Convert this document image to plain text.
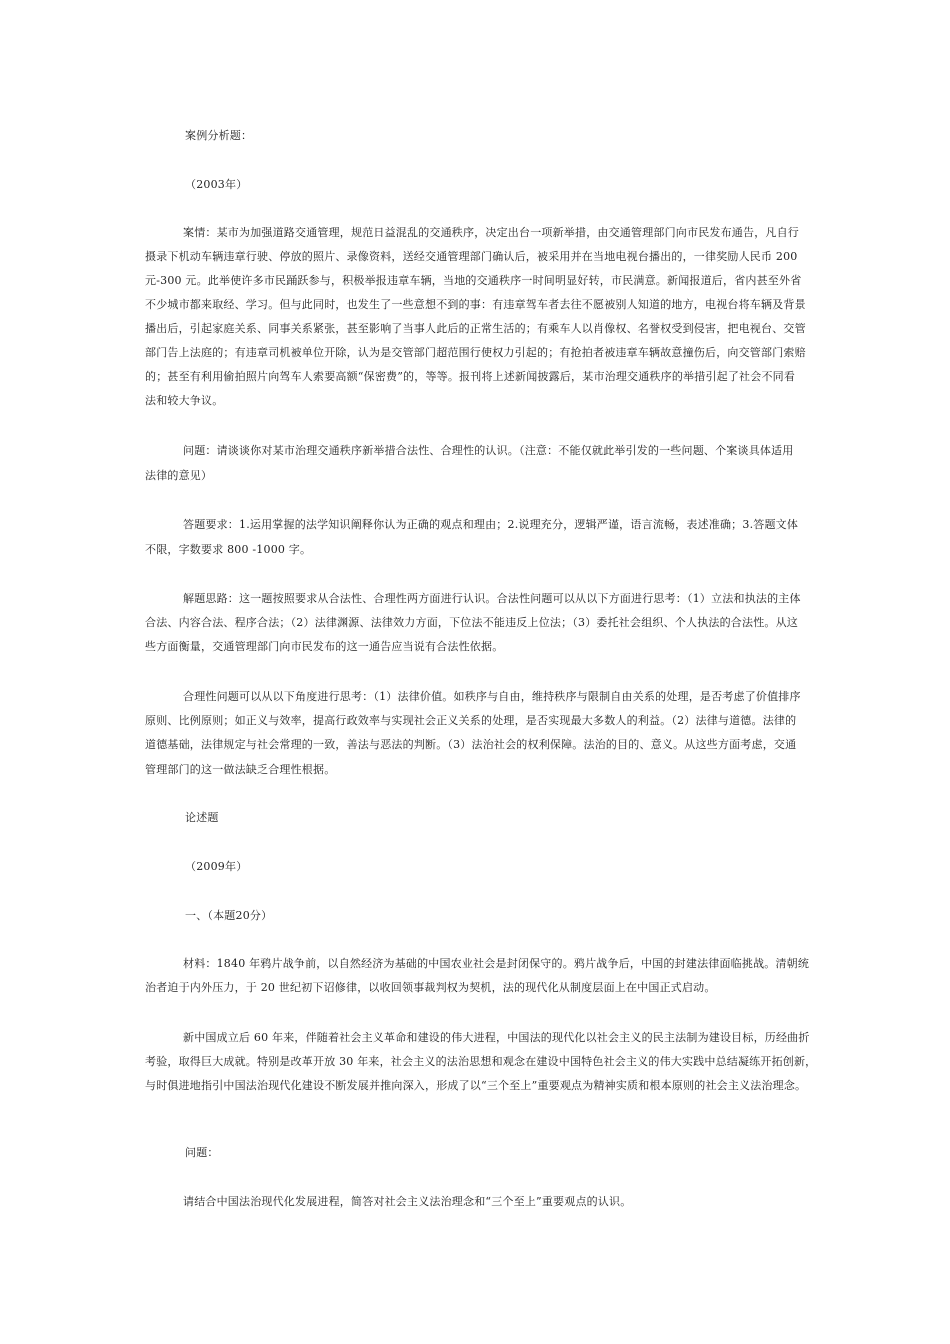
案例分析题：
（2003年）
案情：某市为加强道路交通管理，规范日益混乱的交通秩序，决定出台一项新举措，由交通管理部门向市民发布通告，凡自行
摄录下机动车辆违章行驶、停放的照片、录像资料，送经交通管理部门确认后，被采用并在当地电视台播出的，一律奖励人民币 200
元-300 元。此举使许多市民踊跃参与，积极举报违章车辆，当地的交通秩序一时间明显好转，市民满意。新闻报道后，省内甚至外省
不少城市都来取经、学习。但与此同时，也发生了一些意想不到的事：有违章驾车者去往不愿被别人知道的地方，电视台将车辆及背景
播出后，引起家庭关系、同事关系紧张，甚至影响了当事人此后的正常生活的；有乘车人以肖像权、名誉权受到侵害，把电视台、交管
部门告上法庭的；有违章司机被单位开除，认为是交管部门超范围行使权力引起的；有抢拍者被违章车辆故意撞伤后，向交管部门索赔
的；甚至有利用偷拍照片向驾车人索要高额“保密费”的，等等。报刊将上述新闻披露后，某市治理交通秩序的举措引起了社会不同看
法和较大争议。
问题：请谈谈你对某市治理交通秩序新举措合法性、合理性的认识。（注意：不能仅就此举引发的一些问题、个案谈具体适用
法律的意见）
答题要求：1.运用掌握的法学知识阐释你认为正确的观点和理由；2.说理充分，逻辑严谨，语言流畅，表述准确；3.答题文体
不限，字数要求 800 -1000 字。
解题思路：这一题按照要求从合法性、合理性两方面进行认识。合法性问题可以从以下方面进行思考：（1）立法和执法的主体
合法、内容合法、程序合法；（2）法律渊源、法律效力方面，下位法不能违反上位法；（3）委托社会组织、个人执法的合法性。从这
些方面衡量，交通管理部门向市民发布的这一通告应当说有合法性依据。
合理性问题可以从以下角度进行思考：（1）法律价值。如秩序与自由，维持秩序与限制自由关系的处理，是否考虑了价值排序
原则、比例原则；如正义与效率，提高行政效率与实现社会正义关系的处理，是否实现最大多数人的利益。（2）法律与道德。法律的
道德基础，法律规定与社会常理的一致，善法与恶法的判断。（3）法治社会的权利保障。法治的目的、意义。从这些方面考虑，交通
管理部门的这一做法缺乏合理性根据。
论述题
（2009年）
一、（本题20分）
材料：1840 年鸦片战争前，以自然经济为基础的中国农业社会是封闭保守的。鸦片战争后，中国的封建法律面临挑战。清朝统
治者迫于内外压力，于 20 世纪初下诏修律，以收回领事裁判权为契机，法的现代化从制度层面上在中国正式启动。
新中国成立后 60 年来，伴随着社会主义革命和建设的伟大进程，中国法的现代化以社会主义的民主法制为建设目标，历经曲折
考验，取得巨大成就。特别是改革开放 30 年来，社会主义的法治思想和观念在建设中国特色社会主义的伟大实践中总结凝练开拓创新，
与时俱进地指引中国法治现代化建设不断发展并推向深入，形成了以“三个至上”重要观点为精神实质和根本原则的社会主义法治理念。
问题：
请结合中国法治现代化发展进程，简答对社会主义法治理念和“三个至上”重要观点的认识。
